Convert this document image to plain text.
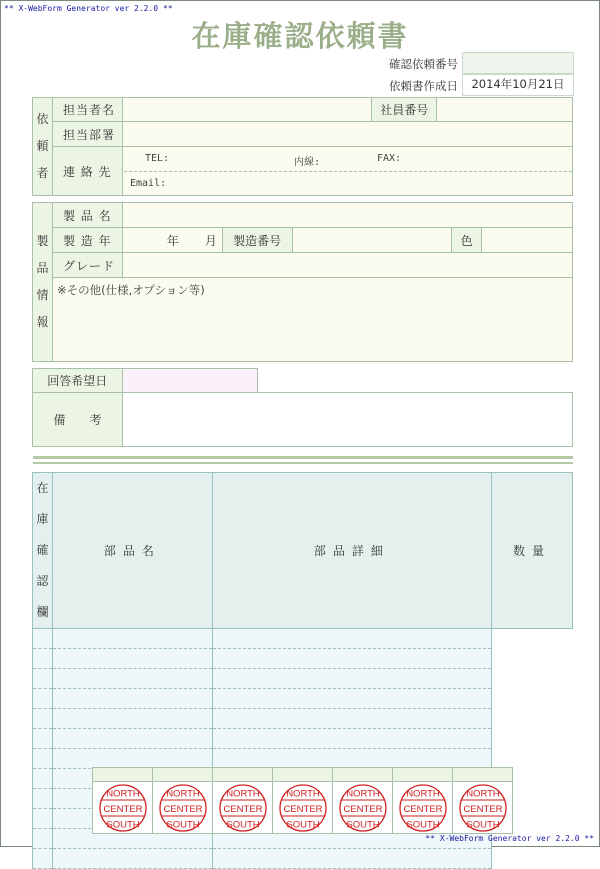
** X-WebForm Generator ver 2.2.0 **
在庫確認依頼書
確認依頼番号
依頼書作成日	2014年10月21日
依
頼
者	担当者名		社員番号	
	担当部署			
	連 絡 先			
TEL:	内線:	FAX:
Email:
製
品
情
報	製 品 名					
	製 造 年	年 月	製造番号		色	
	グレード					
	※その他(仕様,オプション等)					
回答希望日	
備　　考	
在
庫
確
認
欄	部品名	部品詳細	数量

NORTH
CENTER
SOUTH	NORTH
CENTER
SOUTH	NORTH
CENTER
SOUTH	NORTH
CENTER
SOUTH	NORTH
CENTER
SOUTH	NORTH
CENTER
SOUTH	NORTH
CENTER
SOUTH
** X-WebForm Generator ver 2.2.0 **
